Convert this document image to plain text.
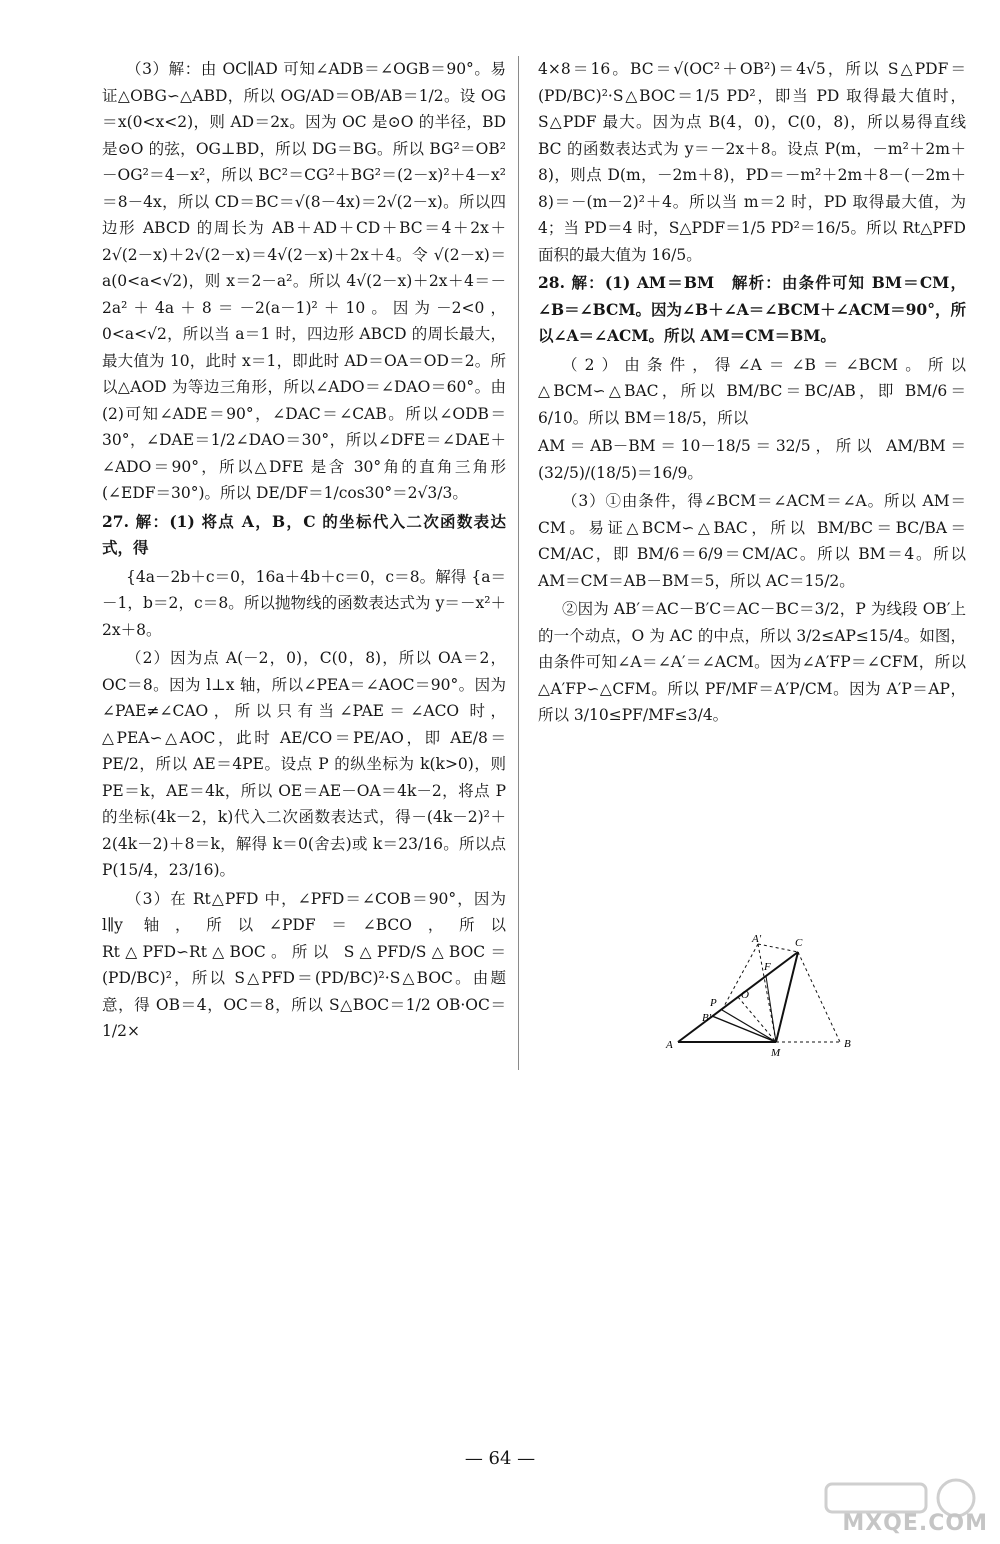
（3）解：由 OC∥AD 可知∠ADB＝∠OGB＝90°。易证△OBG∽△ABD，所以 OG/AD＝OB/AB＝1/2。设 OG＝x(0<x<2)，则 AD＝2x。因为 OC 是⊙O 的半径，BD 是⊙O 的弦，OG⊥BD，所以 DG＝BG。所以 BG²＝OB²－OG²＝4－x²，所以 BC²＝CG²＋BG²＝(2－x)²＋4－x²＝8－4x，所以 CD＝BC＝√(8－4x)＝2√(2－x)。所以四边形 ABCD 的周长为 AB＋AD＋CD＋BC＝4＋2x＋2√(2－x)＋2√(2－x)＝4√(2－x)＋2x＋4。令 √(2－x)＝a(0<a<√2)，则 x＝2－a²。所以 4√(2－x)＋2x＋4＝－2a²＋4a＋8＝－2(a－1)²＋10。因为－2<0，0<a<√2，所以当 a＝1 时，四边形 ABCD 的周长最大，最大值为 10，此时 x＝1，即此时 AD＝OA＝OD＝2。所以△AOD 为等边三角形，所以∠ADO＝∠DAO＝60°。由(2)可知∠ADE＝90°，∠DAC＝∠CAB。所以∠ODB＝30°，∠DAE＝1/2∠DAO＝30°，所以∠DFE＝∠DAE＋∠ADO＝90°，所以△DFE 是含 30°角的直角三角形(∠EDF＝30°)。所以 DE/DF＝1/cos30°＝2√3/3。

27. 解：(1) 将点 A，B，C 的坐标代入二次函数表达式，得

{4a－2b＋c＝0，16a＋4b＋c＝0，c＝8。解得 {a＝－1，b＝2，c＝8。所以抛物线的函数表达式为 y＝－x²＋2x＋8。

（2）因为点 A(－2，0)，C(0，8)，所以 OA＝2，OC＝8。因为 l⊥x 轴，所以∠PEA＝∠AOC＝90°。因为∠PAE≠∠CAO，所以只有当∠PAE＝∠ACO 时，△PEA∽△AOC，此时 AE/CO＝PE/AO，即 AE/8＝PE/2，所以 AE＝4PE。设点 P 的纵坐标为 k(k>0)，则 PE＝k，AE＝4k，所以 OE＝AE－OA＝4k－2，将点 P 的坐标(4k－2，k)代入二次函数表达式，得－(4k－2)²＋2(4k－2)＋8＝k，解得 k＝0(舍去)或 k＝23/16。所以点 P(15/4，23/16)。

（3）在 Rt△PFD 中，∠PFD＝∠COB＝90°，因为 l∥y 轴，所以∠PDF＝∠BCO，所以 Rt△PFD∽Rt△BOC。所以 S△PFD/S△BOC＝(PD/BC)²，所以 S△PFD＝(PD/BC)²·S△BOC。由题意，得 OB＝4，OC＝8，所以 S△BOC＝1/2 OB·OC＝1/2×

4×8＝16。BC＝√(OC²＋OB²)＝4√5，所以 S△PDF＝(PD/BC)²·S△BOC＝1/5 PD²，即当 PD 取得最大值时，S△PDF 最大。因为点 B(4，0)，C(0，8)，所以易得直线 BC 的函数表达式为 y＝－2x＋8。设点 P(m，－m²＋2m＋8)，则点 D(m，－2m＋8)，PD＝－m²＋2m＋8－(－2m＋8)＝－(m－2)²＋4。所以当 m＝2 时，PD 取得最大值，为 4；当 PD＝4 时，S△PDF＝1/5 PD²＝16/5。所以 Rt△PFD 面积的最大值为 16/5。

28. 解：(1) AM＝BM　解析：由条件可知 BM＝CM，∠B＝∠BCM。因为∠B＋∠A＝∠BCM＋∠ACM＝90°，所以∠A＝∠ACM。所以 AM＝CM＝BM。

（2）由条件，得∠A＝∠B＝∠BCM。所以△BCM∽△BAC，所以 BM/BC＝BC/AB，即 BM/6＝6/10。所以 BM＝18/5，所以

AM＝AB－BM＝10－18/5＝32/5，所以 AM/BM＝(32/5)/(18/5)＝16/9。

（3）①由条件，得∠BCM＝∠ACM＝∠A。所以 AM＝CM。易证△BCM∽△BAC，所以 BM/BC＝BC/BA＝CM/AC，即 BM/6＝6/9＝CM/AC。所以 BM＝4。所以 AM＝CM＝AB－BM＝5，所以 AC＝15/2。

②因为 AB′＝AC－B′C＝AC－BC＝3/2，P 为线段 OB′上的一个动点，O 为 AC 的中点，所以 3/2≤AP≤15/4。如图，由条件可知∠A＝∠A′＝∠ACM。因为∠A′FP＝∠CFM，所以△A′FP∽△CFM。所以 PF/MF＝A′P/CM。因为 A′P＝AP，所以 3/10≤PF/MF≤3/4。

A′	C
F
P
O
B′
A
M
B
— 64 —
MXQE.COM
